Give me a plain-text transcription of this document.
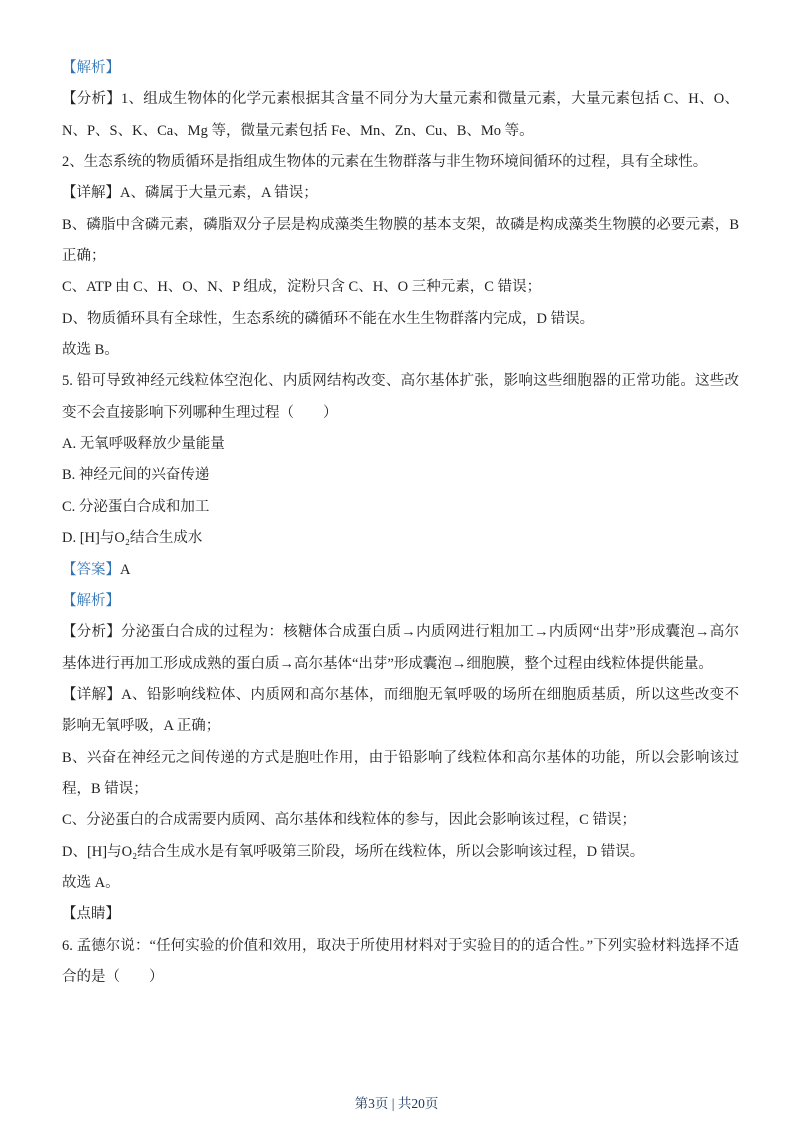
【解析】

【分析】1、组成生物体的化学元素根据其含量不同分为大量元素和微量元素，大量元素包括 C、H、O、N、P、S、K、Ca、Mg 等，微量元素包括 Fe、Mn、Zn、Cu、B、Mo 等。

2、生态系统的物质循环是指组成生物体的元素在生物群落与非生物环境间循环的过程，具有全球性。

【详解】A、磷属于大量元素，A 错误；

B、磷脂中含磷元素，磷脂双分子层是构成藻类生物膜的基本支架，故磷是构成藻类生物膜的必要元素，B 正确；

C、ATP 由 C、H、O、N、P 组成，淀粉只含 C、H、O 三种元素，C 错误；

D、物质循环具有全球性，生态系统的磷循环不能在水生生物群落内完成，D 错误。

故选 B。

5. 铅可导致神经元线粒体空泡化、内质网结构改变、高尔基体扩张，影响这些细胞器的正常功能。这些改变不会直接影响下列哪种生理过程（　　）

A. 无氧呼吸释放少量能量

B. 神经元间的兴奋传递

C. 分泌蛋白合成和加工

D. [H]与O₂结合生成水

【答案】A

【解析】

【分析】分泌蛋白合成的过程为：核糖体合成蛋白质→内质网进行粗加工→内质网“出芽”形成囊泡→高尔基体进行再加工形成成熟的蛋白质→高尔基体“出芽”形成囊泡→细胞膜，整个过程由线粒体提供能量。

【详解】A、铅影响线粒体、内质网和高尔基体，而细胞无氧呼吸的场所在细胞质基质，所以这些改变不影响无氧呼吸，A 正确；

B、兴奋在神经元之间传递的方式是胞吐作用，由于铅影响了线粒体和高尔基体的功能，所以会影响该过程，B 错误；

C、分泌蛋白的合成需要内质网、高尔基体和线粒体的参与，因此会影响该过程，C 错误；

D、[H]与O₂结合生成水是有氧呼吸第三阶段，场所在线粒体，所以会影响该过程，D 错误。

故选 A。

【点睛】

6. 孟德尔说：“任何实验的价值和效用，取决于所使用材料对于实验目的的适合性。”下列实验材料选择不适合的是（　　）

第3页 | 共20页
